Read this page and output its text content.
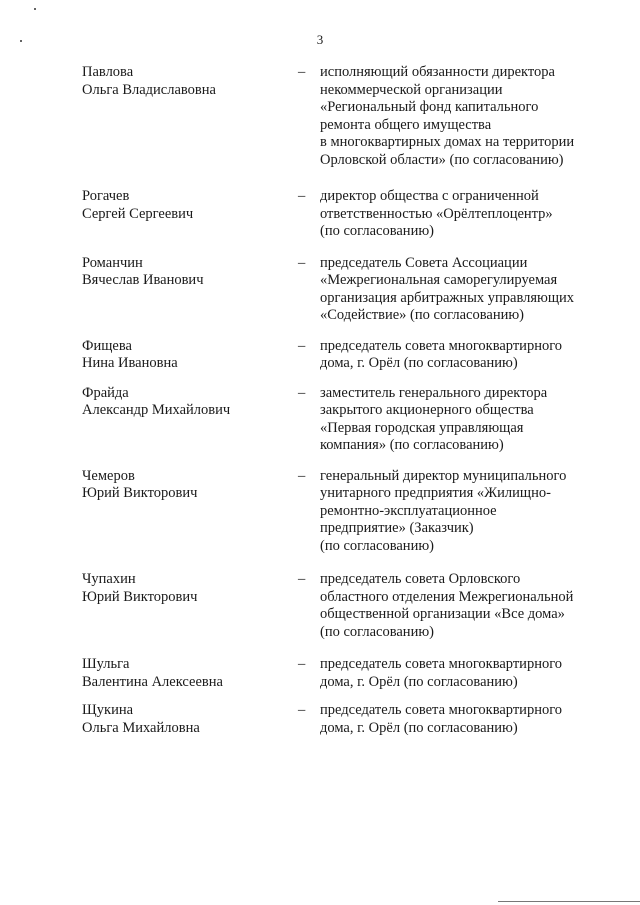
3
Павлова
Ольга Владиславовна
– исполняющий обязанности директора
некоммерческой организации
«Региональный фонд капитального
ремонта общего имущества
в многоквартирных домах на территории
Орловской области» (по согласованию)
Рогачев
Сергей Сергеевич
– директор общества с ограниченной
ответственностью «Орёлтеплоцентр»
(по согласованию)
Романчин
Вячеслав Иванович
– председатель Совета Ассоциации
«Межрегиональная саморегулируемая
организация арбитражных управляющих
«Содействие» (по согласованию)
Фищева
Нина Ивановна
– председатель совета многоквартирного
дома, г. Орёл (по согласованию)
Фрайда
Александр Михайлович
– заместитель генерального директора
закрытого акционерного общества
«Первая городская управляющая
компания» (по согласованию)
Чемеров
Юрий Викторович
– генеральный директор муниципального
унитарного предприятия «Жилищно-
ремонтно-эксплуатационное
предприятие» (Заказчик)
(по согласованию)
Чупахин
Юрий Викторович
– председатель совета Орловского
областного отделения Межрегиональной
общественной организации «Все дома»
(по согласованию)
Шульга
Валентина Алексеевна
– председатель совета многоквартирного
дома, г. Орёл (по согласованию)
Щукина
Ольга Михайловна
– председатель совета многоквартирного
дома, г. Орёл (по согласованию)
